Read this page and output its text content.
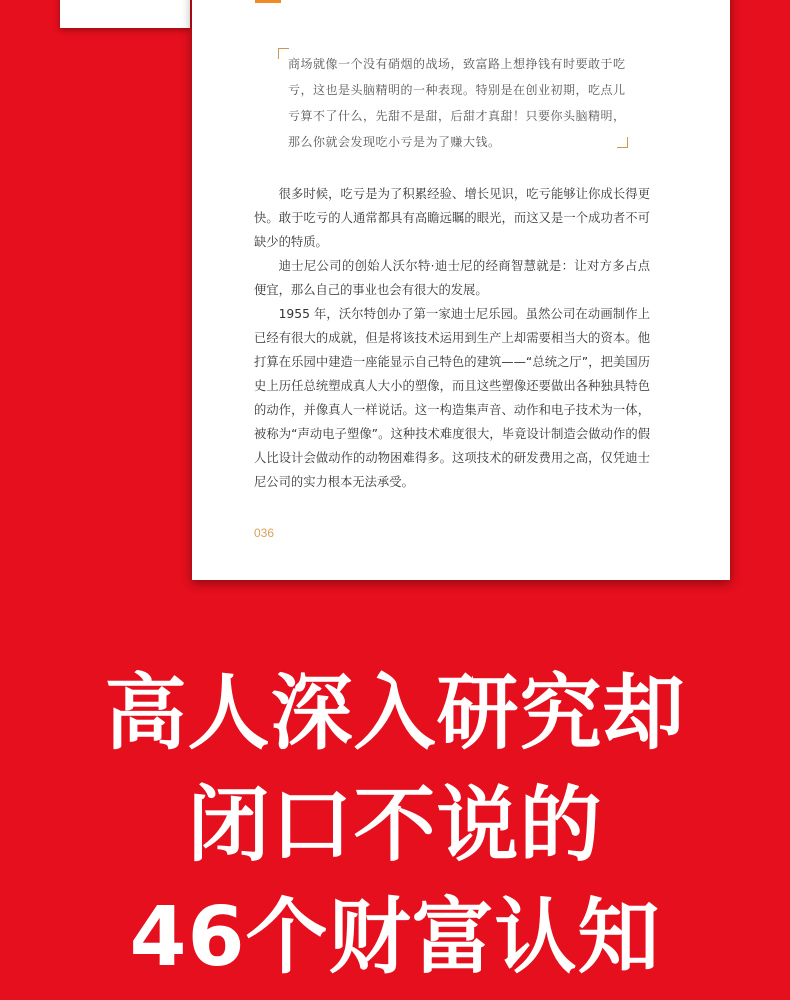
商场就像一个没有硝烟的战场，致富路上想挣钱有时要敢于吃亏，这也是头脑精明的一种表现。特别是在创业初期，吃点儿亏算不了什么，先甜不是甜，后甜才真甜！只要你头脑精明，那么你就会发现吃小亏是为了赚大钱。

很多时候，吃亏是为了积累经验、增长见识，吃亏能够让你成长得更快。敢于吃亏的人通常都具有高瞻远瞩的眼光，而这又是一个成功者不可缺少的特质。

迪士尼公司的创始人沃尔特·迪士尼的经商智慧就是：让对方多占点便宜，那么自己的事业也会有很大的发展。

1955 年，沃尔特创办了第一家迪士尼乐园。虽然公司在动画制作上已经有很大的成就，但是将该技术运用到生产上却需要相当大的资本。他打算在乐园中建造一座能显示自己特色的建筑——“总统之厅”，把美国历史上历任总统塑成真人大小的塑像，而且这些塑像还要做出各种独具特色的动作，并像真人一样说话。这一构造集声音、动作和电子技术为一体，被称为“声动电子塑像”。这种技术难度很大，毕竟设计制造会做动作的假人比设计会做动作的动物困难得多。这项技术的研发费用之高，仅凭迪士尼公司的实力根本无法承受。

036
高人深入研究却
闭口不说的
46个财富认知
